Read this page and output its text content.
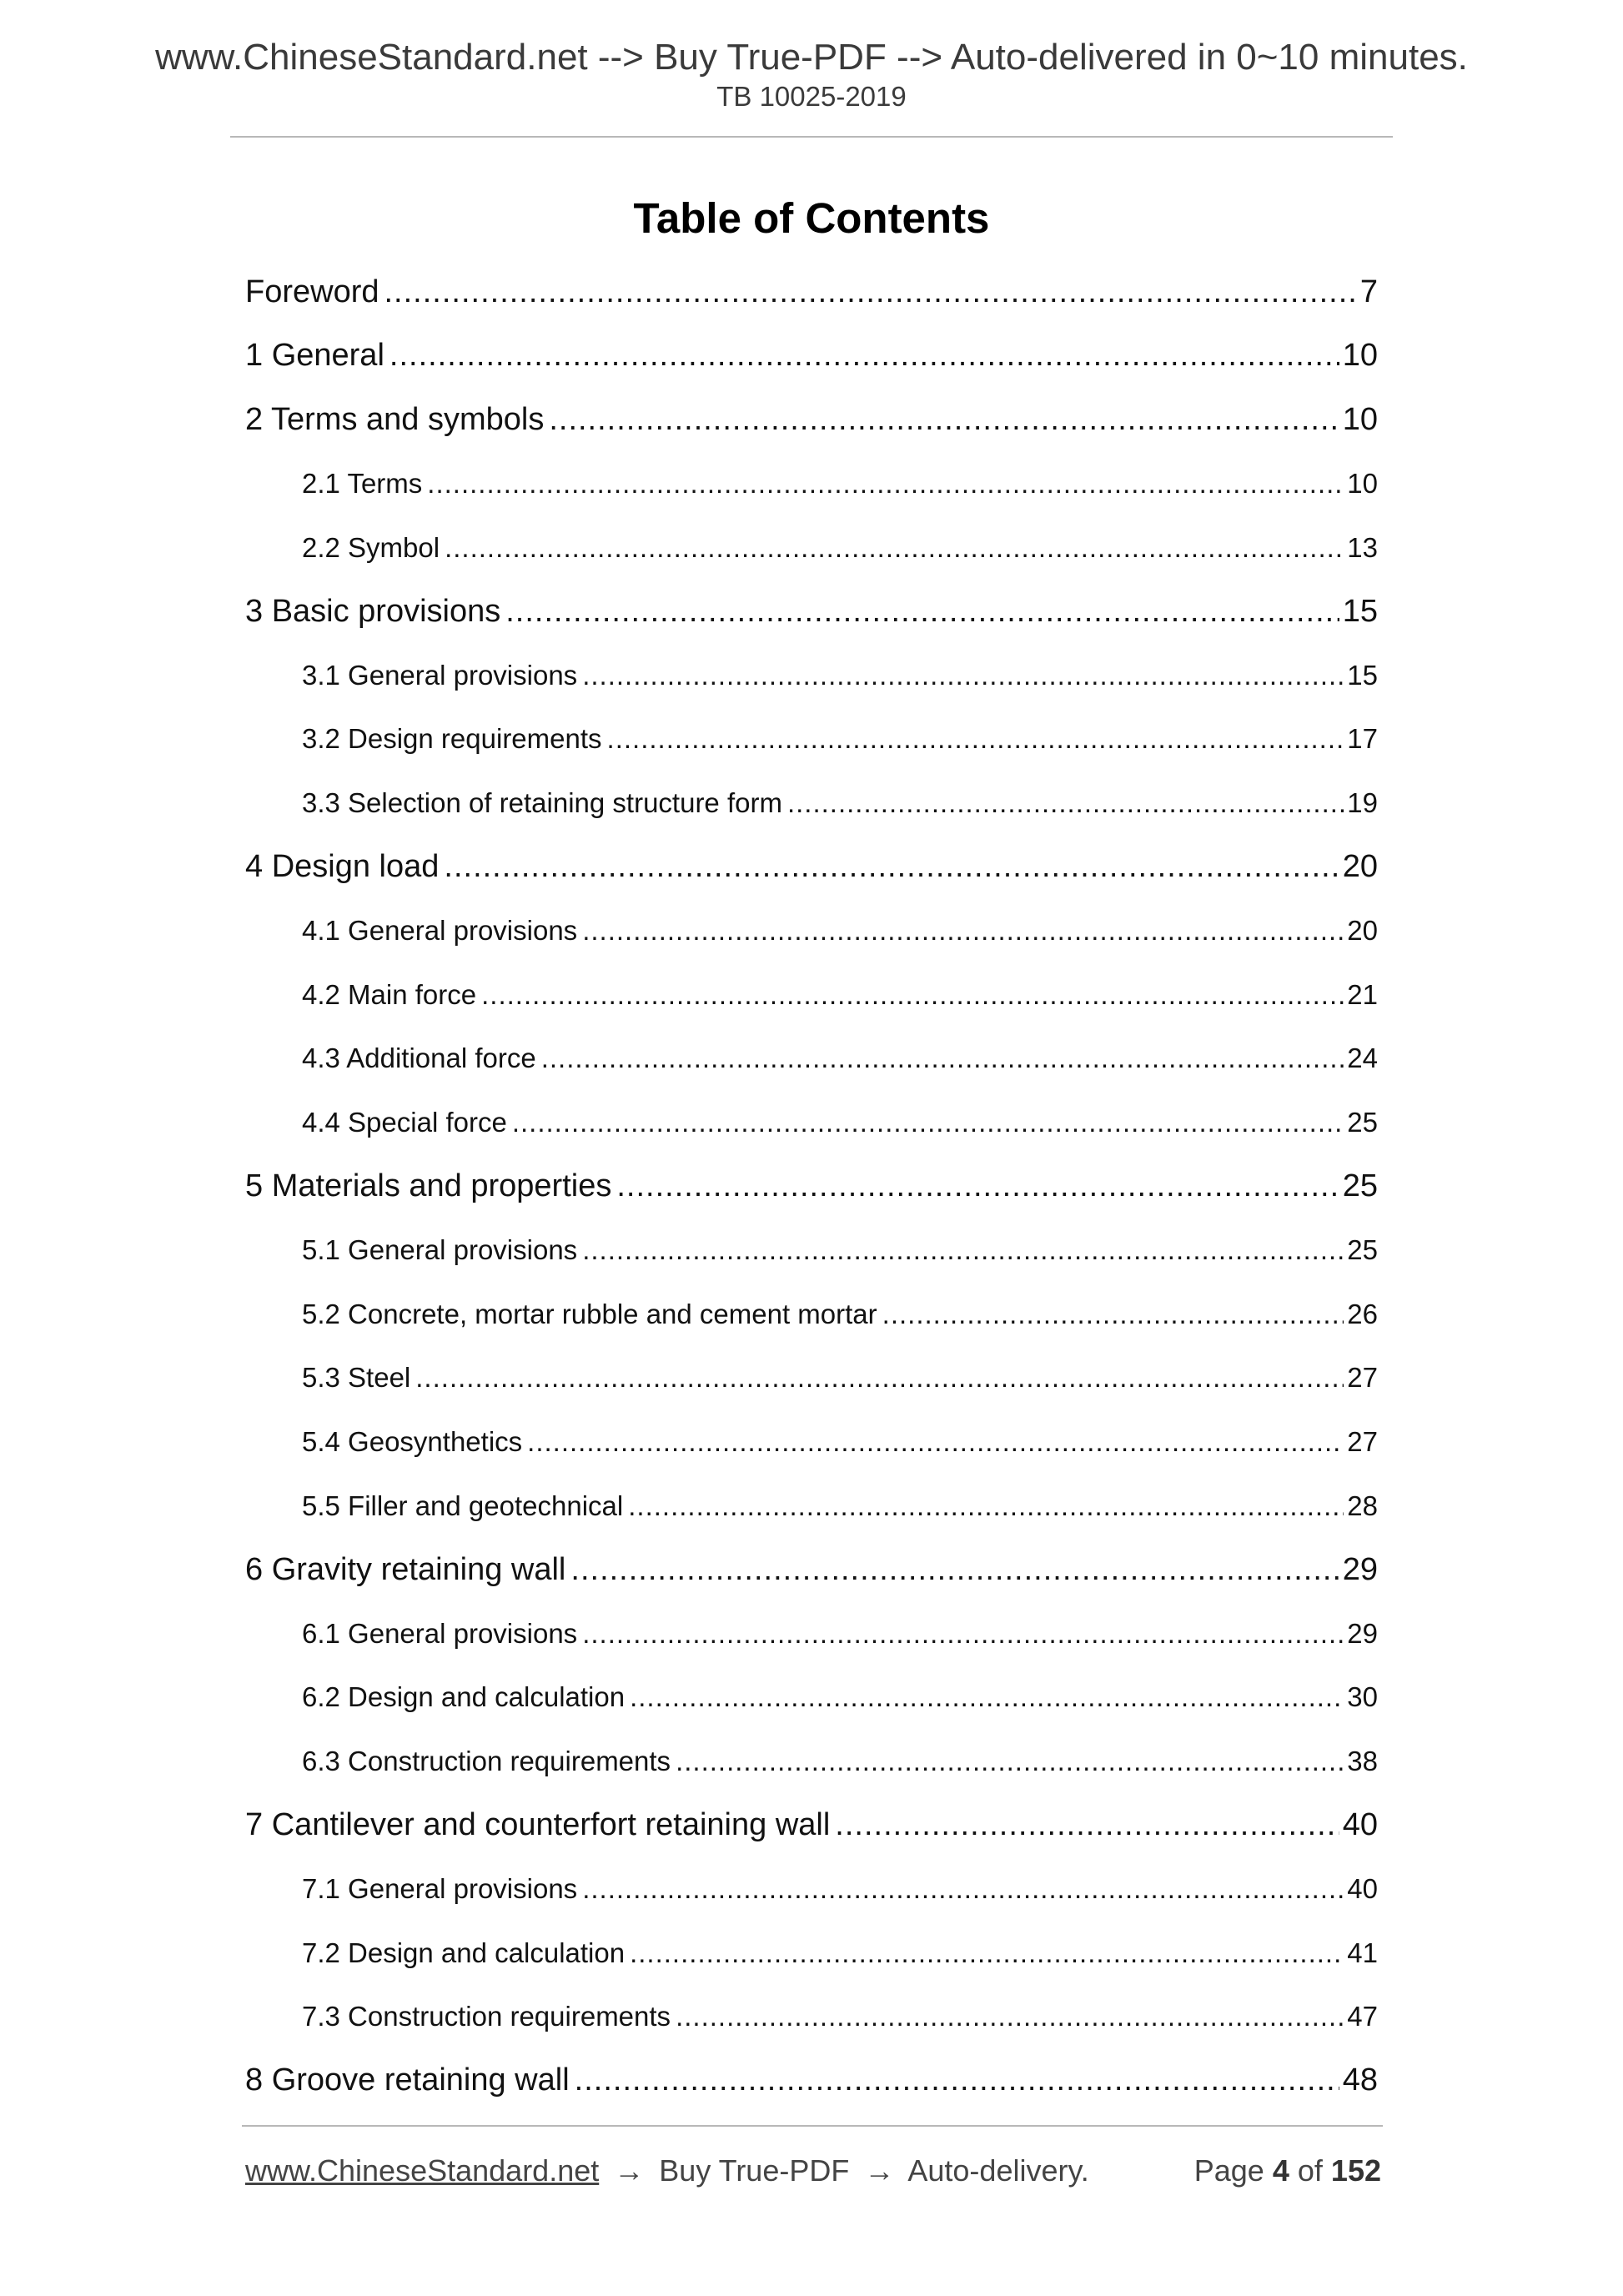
www.ChineseStandard.net --> Buy True-PDF --> Auto-delivered in 0~10 minutes.
TB 10025-2019
Table of Contents
Foreword .....	7
1 General .....	10
2 Terms and symbols .....	10
2.1 Terms .....	10
2.2 Symbol .....	13
3 Basic provisions .....	15
3.1 General provisions .....	15
3.2 Design requirements .....	17
3.3 Selection of retaining structure form .....	19
4 Design load .....	20
4.1 General provisions .....	20
4.2 Main force .....	21
4.3 Additional force .....	24
4.4 Special force .....	25
5 Materials and properties .....	25
5.1 General provisions .....	25
5.2 Concrete, mortar rubble and cement mortar .....	26
5.3 Steel .....	27
5.4 Geosynthetics .....	27
5.5 Filler and geotechnical .....	28
6 Gravity retaining wall .....	29
6.1 General provisions .....	29
6.2 Design and calculation .....	30
6.3 Construction requirements .....	38
7 Cantilever and counterfort retaining wall .....	40
7.1 General provisions .....	40
7.2 Design and calculation .....	41
7.3 Construction requirements .....	47
8 Groove retaining wall .....	48
www.ChineseStandard.net → Buy True-PDF → Auto-delivery.	Page 4 of 152
